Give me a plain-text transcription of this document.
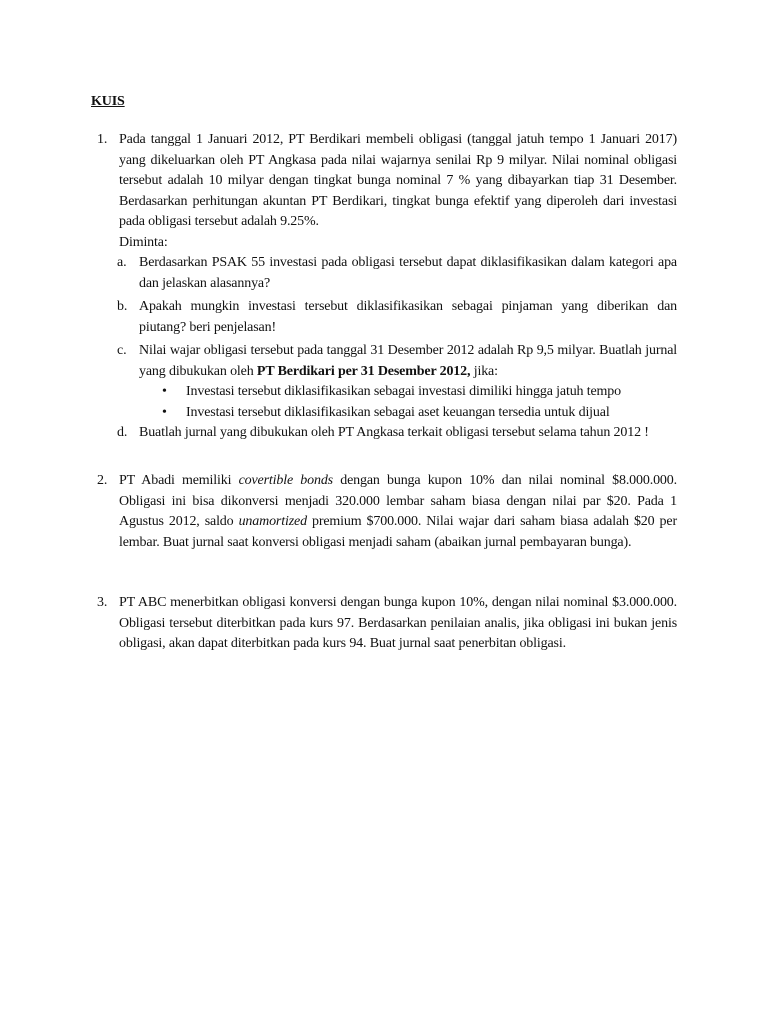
KUIS
1. Pada tanggal 1 Januari 2012, PT Berdikari membeli obligasi (tanggal jatuh tempo 1 Januari 2017) yang dikeluarkan oleh PT Angkasa pada nilai wajarnya senilai Rp 9 milyar. Nilai nominal obligasi tersebut adalah 10 milyar dengan tingkat bunga nominal 7 % yang dibayarkan tiap 31 Desember. Berdasarkan perhitungan akuntan PT Berdikari, tingkat bunga efektif yang diperoleh dari investasi pada obligasi tersebut adalah 9.25%.
Diminta:
a. Berdasarkan PSAK 55 investasi pada obligasi tersebut dapat diklasifikasikan dalam kategori apa dan jelaskan alasannya?
b. Apakah mungkin investasi tersebut diklasifikasikan sebagai pinjaman yang diberikan dan piutang? beri penjelasan!
c. Nilai wajar obligasi tersebut pada tanggal 31 Desember 2012 adalah Rp 9,5 milyar. Buatlah jurnal yang dibukukan oleh PT Berdikari per 31 Desember 2012, jika:
• Investasi tersebut diklasifikasikan sebagai investasi dimiliki hingga jatuh tempo
• Investasi tersebut diklasifikasikan sebagai aset keuangan tersedia untuk dijual
d. Buatlah jurnal yang dibukukan oleh PT Angkasa terkait obligasi tersebut selama tahun 2012 !
2. PT Abadi memiliki covertible bonds dengan bunga kupon 10% dan nilai nominal $8.000.000. Obligasi ini bisa dikonversi menjadi 320.000 lembar saham biasa dengan nilai par $20. Pada 1 Agustus 2012, saldo unamortized premium $700.000. Nilai wajar dari saham biasa adalah $20 per lembar. Buat jurnal saat konversi obligasi menjadi saham (abaikan jurnal pembayaran bunga).
3. PT ABC menerbitkan obligasi konversi dengan bunga kupon 10%, dengan nilai nominal $3.000.000. Obligasi tersebut diterbitkan pada kurs 97. Berdasarkan penilaian analis, jika obligasi ini bukan jenis obligasi, akan dapat diterbitkan pada kurs 94. Buat jurnal saat penerbitan obligasi.
